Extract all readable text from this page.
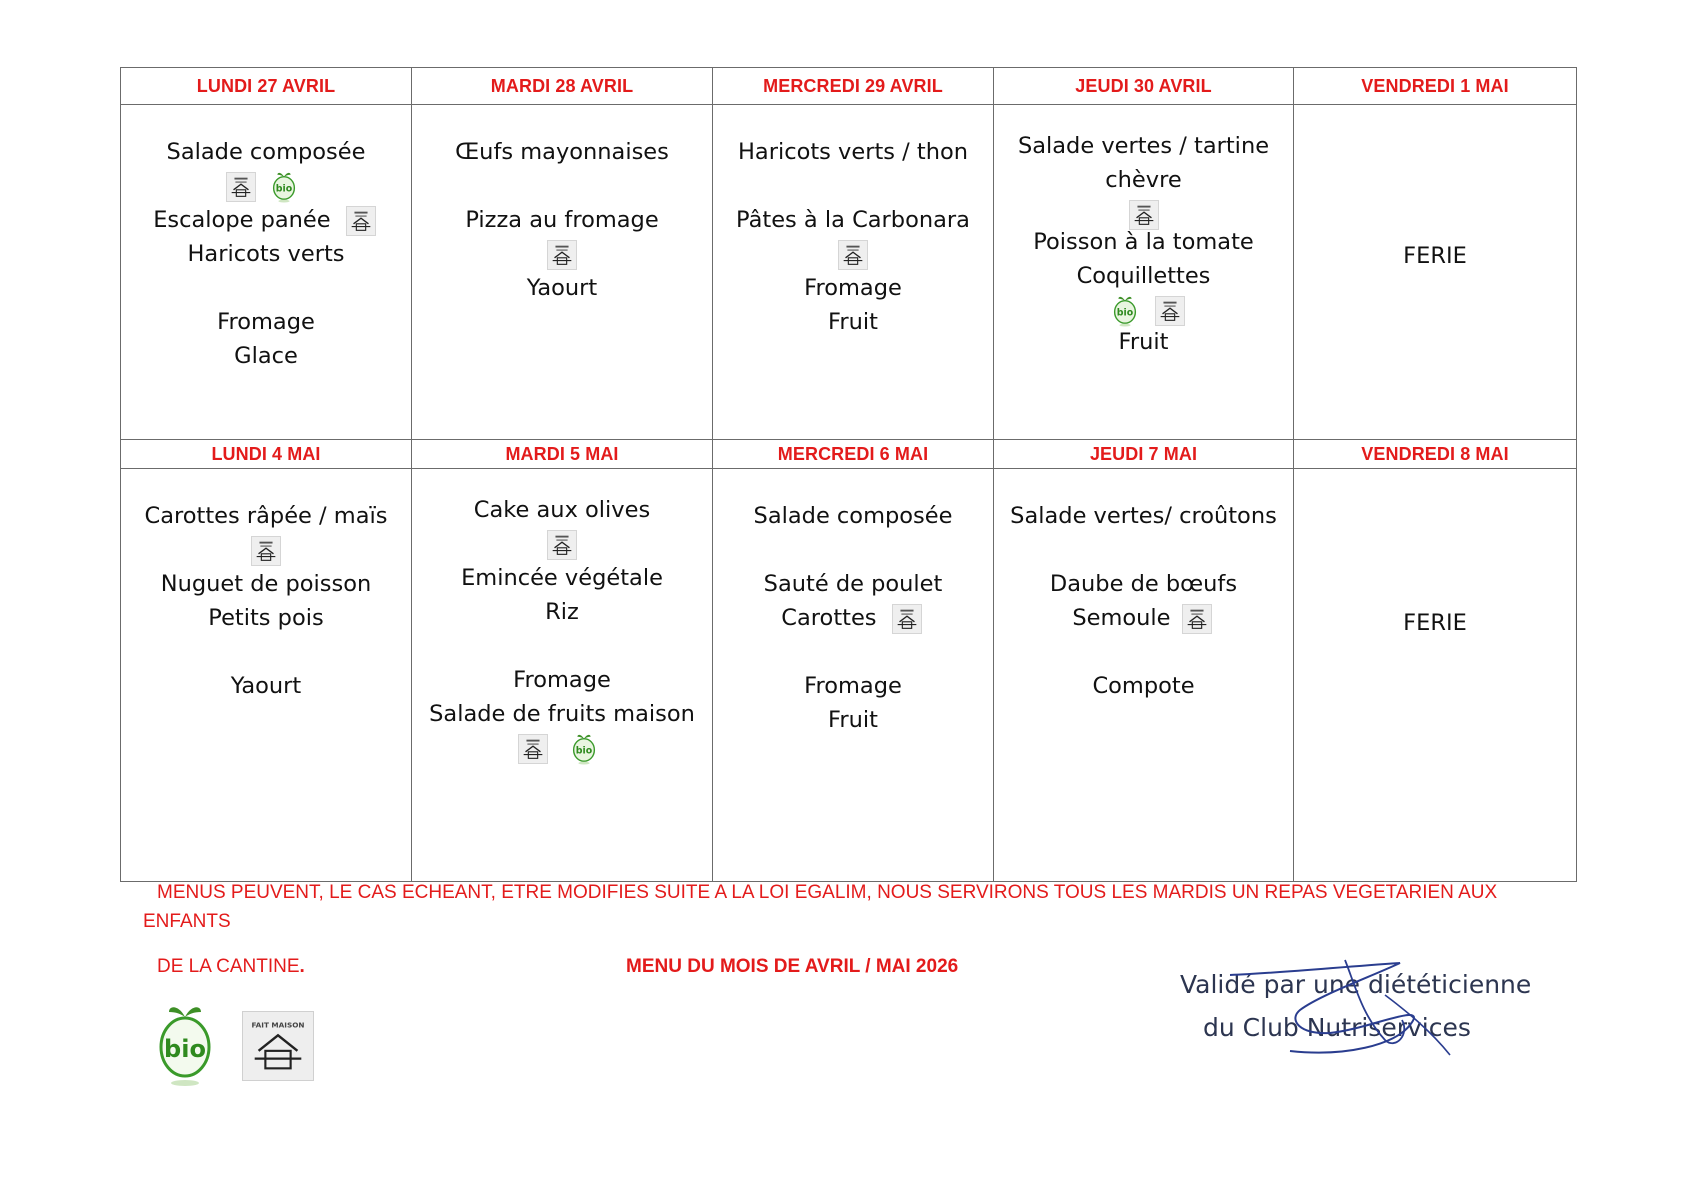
LUNDI 27 AVRIL	MARDI 28 AVRIL	MERCREDI 29 AVRIL	JEUDI 30 AVRIL	VENDREDI 1 MAI

Salade composée
Escalope panée
Haricots verts
Fromage
Glace	Œufs mayonnaises
Pizza au fromage
Yaourt	Haricots verts / thon
Pâtes à la Carbonara
Fromage
Fruit	Salade vertes / tartine
chèvre
Poisson à la tomate
Coquillettes
Fruit	FERIE

LUNDI 4 MAI	MARDI 5 MAI	MERCREDI 6 MAI	JEUDI 7 MAI	VENDREDI 8 MAI

Carottes râpée / maïs
Nuguet de poisson
Petits pois
Yaourt	Cake aux olives
Emincée végétale
Riz
Fromage
Salade de fruits maison	Salade composée
Sauté de poulet
Carottes
Fromage
Fruit	Salade vertes/ croûtons
Daube de bœufs
Semoule
Compote	FERIE
MENUS PEUVENT, LE CAS ECHEANT, ETRE MODIFIES SUITE A LA LOI EGALIM, NOUS SERVIRONS TOUS LES MARDIS UN REPAS VEGETARIEN AUX
ENFANTS
DE LA CANTINE.	MENU DU MOIS DE AVRIL / MAI 2026
bio
FAIT MAISON
Validé par une diététicienne
du Club Nutriservices
